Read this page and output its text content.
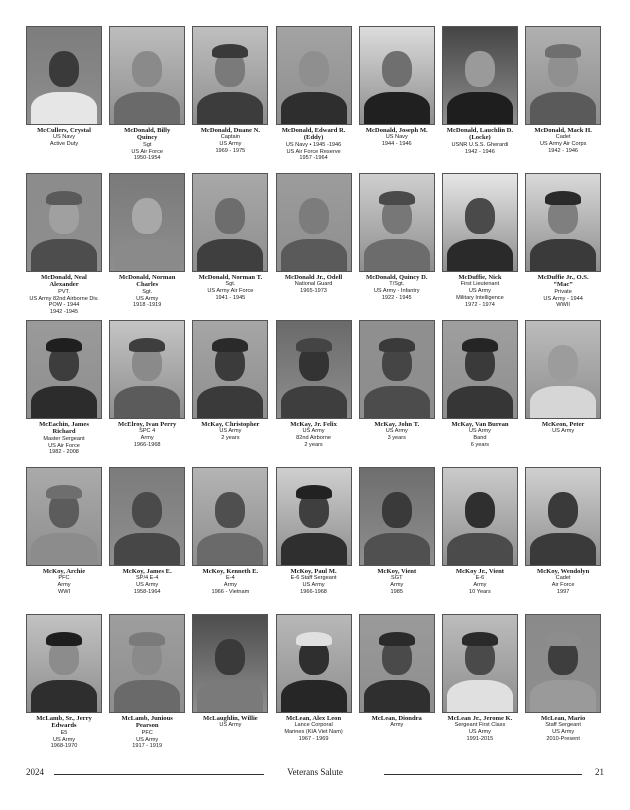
McCullers, Crystal
US Navy
Active Duty
McDonald, Billy
Quincy
Sgt
US Air Force
1950-1954
McDonald, Duane N.
Captain
US Army
1969 - 1975
McDonald, Edward R.
(Eddy)
US Navy • 1945 -1946
US Air Force Reserve
1957 -1964
McDonald, Joseph M.
US Navy
1944 - 1946
McDonald, Lauchlin D.
(Locke)
USNR U.S.S. Gherardi
1942 - 1946
McDonald, Mack H.
Cadet
US Army Air Corps
1942 - 1946
McDonald, Neal
Alexander
PVT.
US Army 82nd Airborne Div.
POW - 1944
1942 -1945
McDonald, Norman
Charles
Sgt.
US Army
1918 -1919
McDonald, Norman T.
Sgt.
US Army Air Force
1941 - 1945
McDonald Jr., Odell
National Guard
1965-1973
McDonald, Quincy D.
T/Sgt.
US Army - Infantry
1922 - 1945
McDuffie, Nick
First Lieutenant
US Army
Military Intelligence
1972 - 1974
McDuffie Jr., O.S.
“Mac”
Private
US Army - 1944
WWII
McEachin, James
Richard
Master Sergeant
US Air Force
1982 - 2008
McElroy, Ivan Perry
SPC 4
Army
1966-1968
McKay, Christopher
US Army
2 years
McKay, Jr. Felix
US Army
82nd Airborne
2 years
McKay, John T.
US Army
3 years
McKay, Van Burean
US Army
Band
6 years
McKeon, Peter
US Army
McKoy, Archie
PFC
Army
WWI
McKoy, James E.
SP/4 E-4
US Army
1958-1964
McKoy, Kenneth E.
E-4
Army
1966 - Vietnam
McKoy, Paul M.
E-6 Staff Sergeant
US Army
1966-1968
McKoy, Vient
SGT
Army
1985
McKoy Jr., Vient
E-6
Army
10 Years
McKoy, Wendolyn
Cadet
Air Force
1997
McLamb, Sr., Jerry
Edwards
E5
US Army
1968-1970
McLamb, Junious
Pearson
PFC
US Army
1917 - 1919
McLaughlin, Willie
US Army
McLean, Alex Leon
Lance Corporal
Marines (KIA Viet Nam)
1967 - 1969
McLean, Diondra
Army
McLean Jr., Jerome K.
Sergeant First Class
US Army
1991-2015
McLean, Mario
Staff Sergeant
US Army
2010-Present
2024	Veterans Salute	21
